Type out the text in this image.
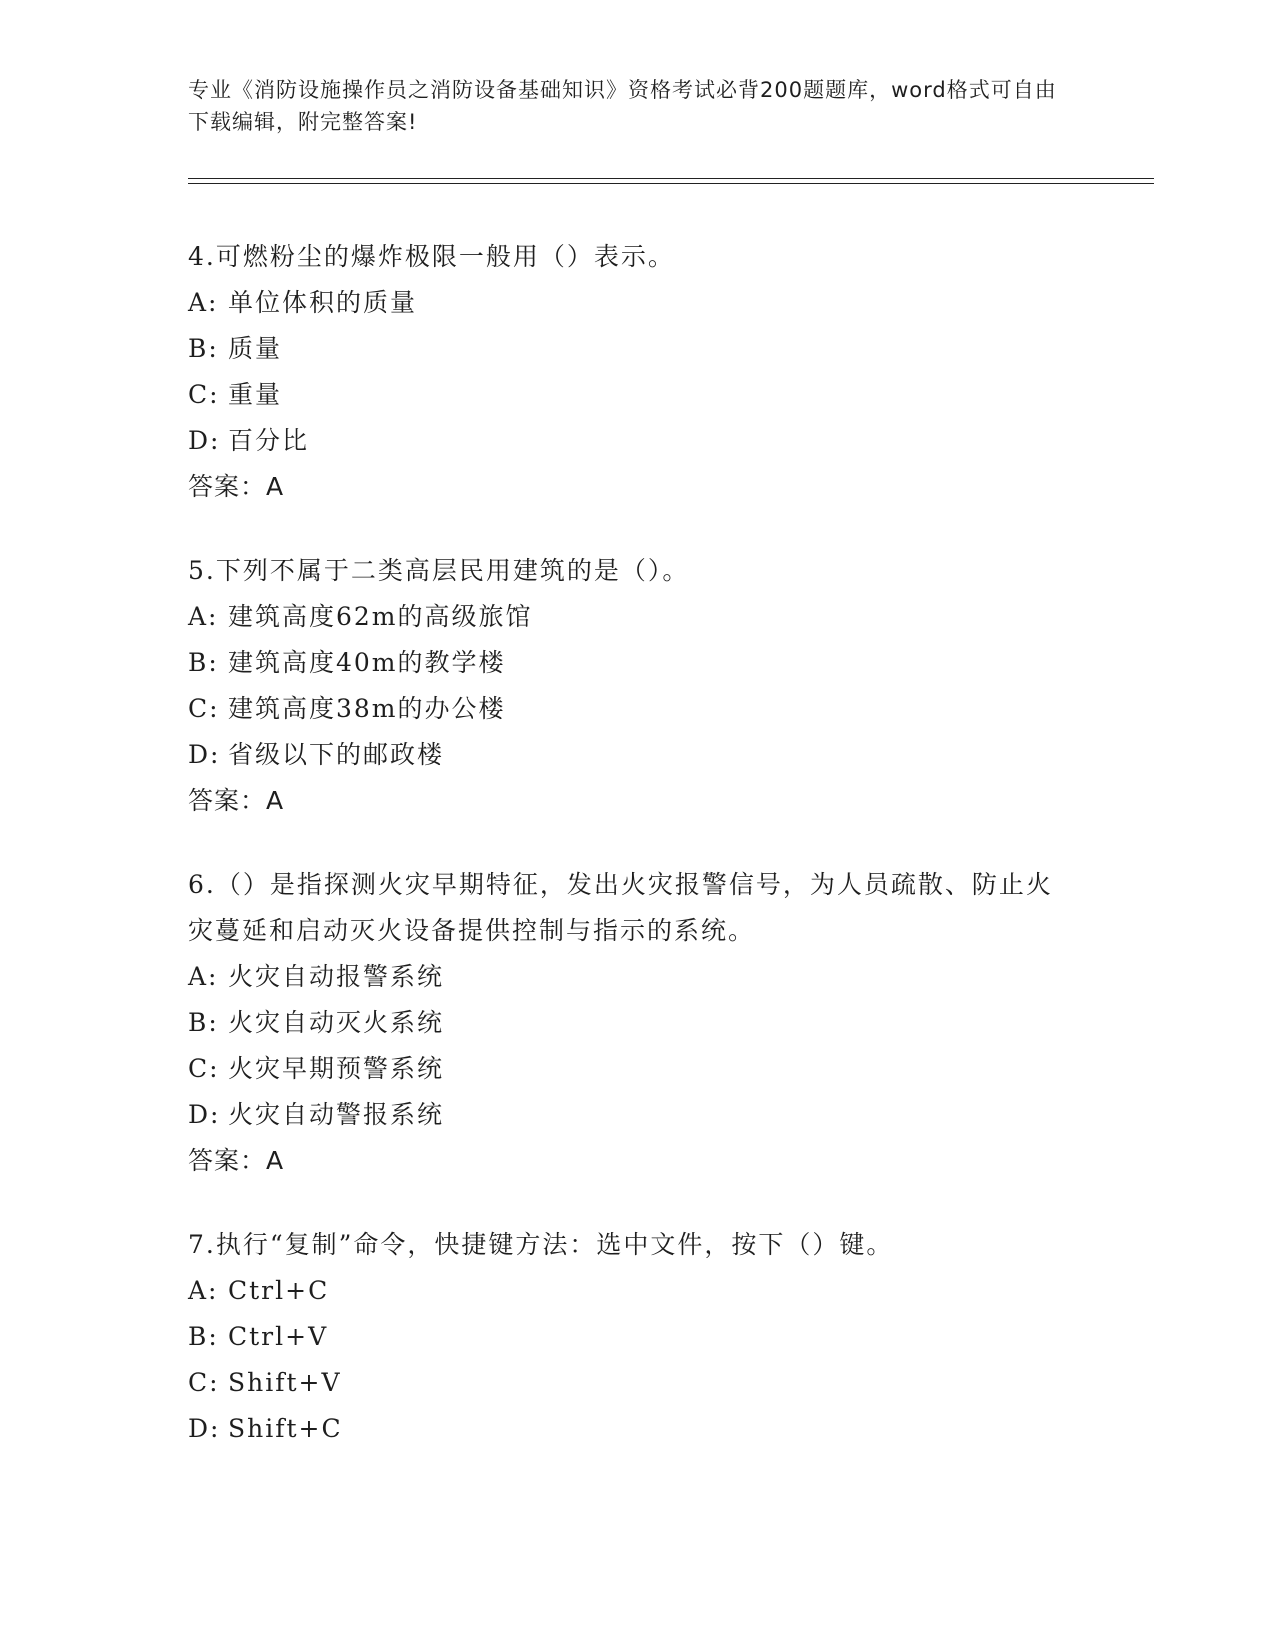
专业《消防设施操作员之消防设备基础知识》资格考试必背200题题库，word格式可自由下载编辑，附完整答案!
4.可燃粉尘的爆炸极限一般用（）表示。
A: 单位体积的质量
B: 质量
C: 重量
D: 百分比
答案：A
5.下列不属于二类高层民用建筑的是（）。
A: 建筑高度62m的高级旅馆
B: 建筑高度40m的教学楼
C: 建筑高度38m的办公楼
D: 省级以下的邮政楼
答案：A
6.（）是指探测火灾早期特征，发出火灾报警信号，为人员疏散、防止火灾蔓延和启动灭火设备提供控制与指示的系统。
A: 火灾自动报警系统
B: 火灾自动灭火系统
C: 火灾早期预警系统
D: 火灾自动警报系统
答案：A
7.执行“复制”命令，快捷键方法：选中文件，按下（）键。
A: Ctrl+C
B: Ctrl+V
C: Shift+V
D: Shift+C
